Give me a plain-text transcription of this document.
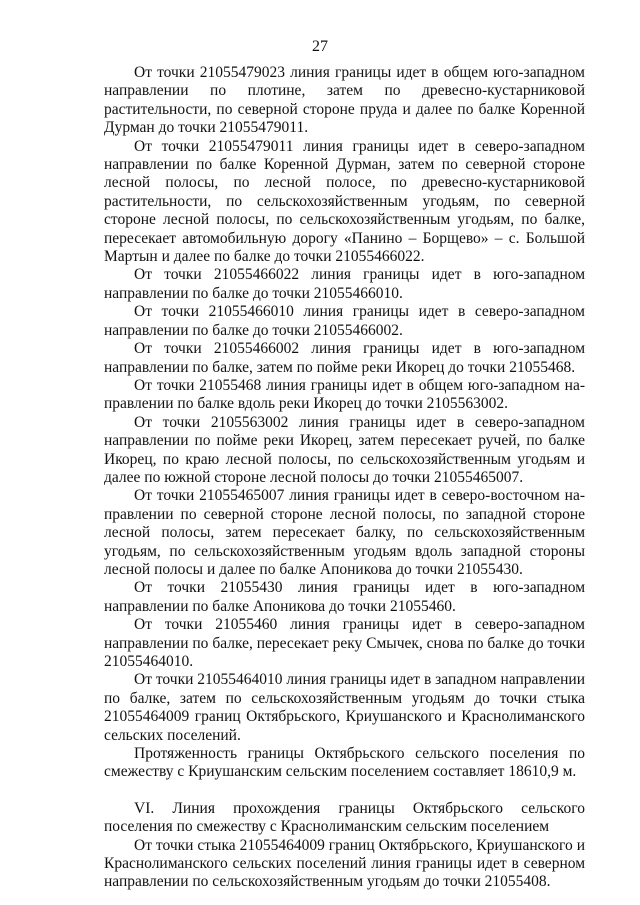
27

От точки 21055479023 линия границы идет в общем юго-западном направлении по плотине, затем по древесно-кустарниковой растительности, по северной стороне пруда и далее по балке Коренной Дурман до точки 21055479011.

От точки 21055479011 линия границы идет в северо-западном направлении по балке Коренной Дурман, затем по северной стороне лесной полосы, по лесной полосе, по древесно-кустарниковой растительности, по сельскохозяйственным угодьям, по северной стороне лесной полосы, по сельскохозяйственным угодьям, по балке, пересекает автомобильную дорогу «Панино – Борщево» – с. Большой Мартын и далее по балке до точки 21055466022.

От точки 21055466022 линия границы идет в юго-западном направлении по балке до точки 21055466010.

От точки 21055466010 линия границы идет в северо-западном направлении по балке до точки 21055466002.

От точки 21055466002 линия границы идет в юго-западном направлении по балке, затем по пойме реки Икорец до точки 21055468.

От точки 21055468 линия границы идет в общем юго-западном направлении по балке вдоль реки Икорец до точки 2105563002.

От точки 2105563002 линия границы идет в северо-западном направлении по пойме реки Икорец, затем пересекает ручей, по балке Икорец, по краю лесной полосы, по сельскохозяйственным угодьям и далее по южной стороне лесной полосы до точки 21055465007.

От точки 21055465007 линия границы идет в северо-восточном направлении по северной стороне лесной полосы, по западной стороне лесной полосы, затем пересекает балку, по сельскохозяйственным угодьям, по сельскохозяйственным угодьям вдоль западной стороны лесной полосы и далее по балке Апоникова до точки 21055430.

От точки 21055430 линия границы идет в юго-западном направлении по балке Апоникова до точки 21055460.

От точки 21055460 линия границы идет в северо-западном направлении по балке, пересекает реку Смычек, снова по балке до точки 21055464010.

От точки 21055464010 линия границы идет в западном направлении по балке, затем по сельскохозяйственным угодьям до точки стыка 21055464009 границ Октябрьского, Криушанского и Краснолиманского сельских поселений.

Протяженность границы Октябрьского сельского поселения по смежеству с Криушанским сельским поселением составляет 18610,9 м.

VI. Линия прохождения границы Октябрьского сельского поселения по смежеству с Краснолиманским сельским поселением

От точки стыка 21055464009 границ Октябрьского, Криушанского и Краснолиманского сельских поселений линия границы идет в северном направлении по сельскохозяйственным угодьям до точки 21055408.
